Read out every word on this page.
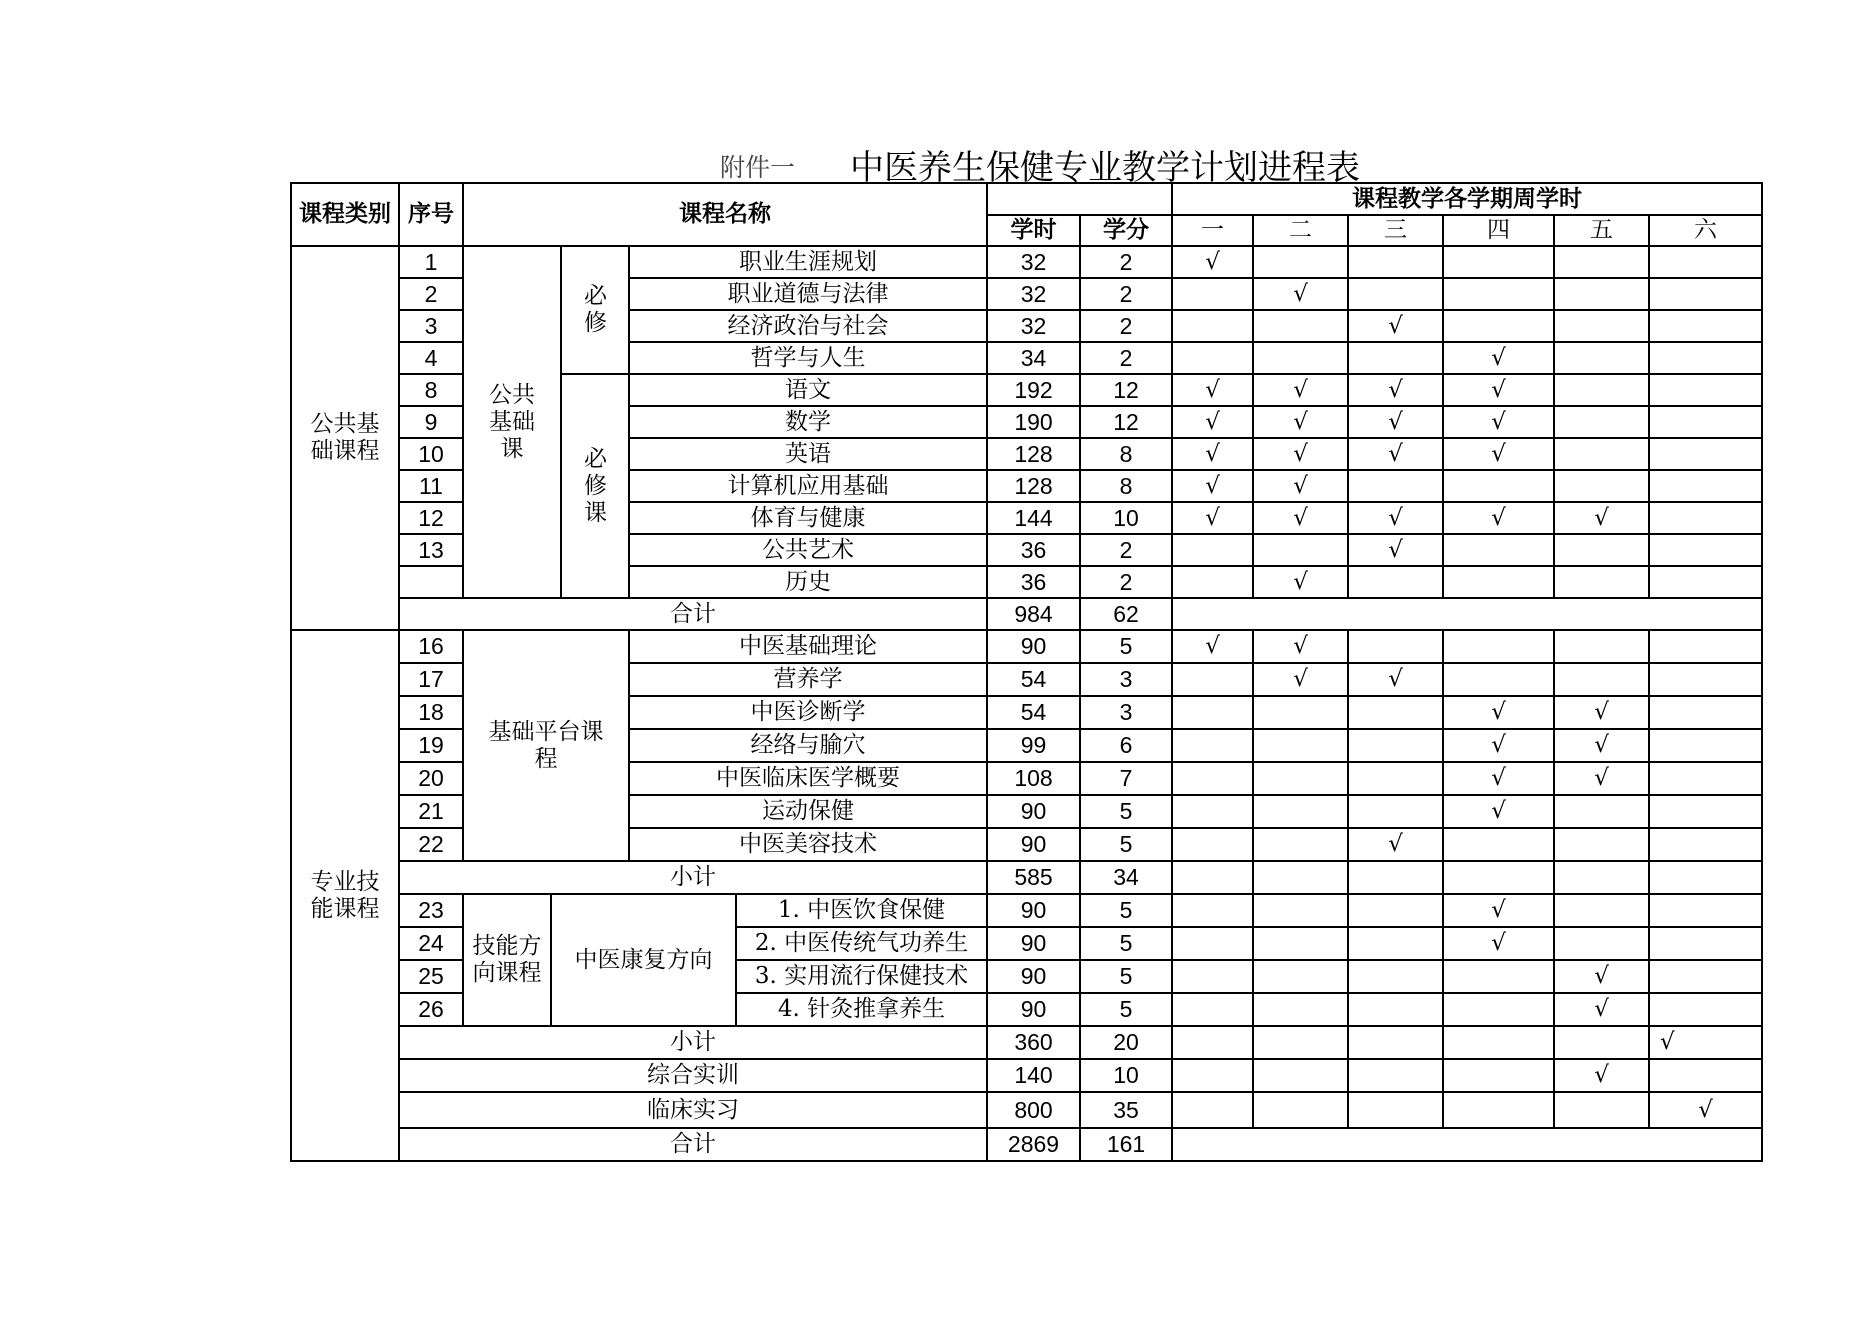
附件一 中医养生保健专业教学计划进程表
课程类别	序号	课程名称							课程教学各学期周学时					
							学时	学分	一	二	三	四	五	六
公共基础课程	1	公共基础课		必修	职业生涯规划		32	2	√					
	2				职业道德与法律		32	2		√				
	3				经济政治与社会		32	2			√			
	4				哲学与人生		34	2				√		
	8			必修课	语文		192	12	√	√	√	√		
	9				数学		190	12	√	√	√	√		
	10				英语		128	8	√	√	√	√		
	11				计算机应用基础		128	8	√	√				
	12				体育与健康		144	10	√	√	√	√	√	
	13				公共艺术		36	2			√			
					历史		36	2		√				
	合计						984	62						
专业技能课程	16	基础平台课程			中医基础理论		90	5	√	√				
	17				营养学		54	3		√	√			
	18				中医诊断学		54	3				√	√	
	19				经络与腧穴		99	6				√	√	
	20				中医临床医学概要		108	7				√	√	
	21				运动保健		90	5				√		
	22				中医美容技术		90	5			√			
	小计						585	34						
	23	技能方向课程	中医康复方向			1. 中医饮食保健	90	5				√		
	24					2. 中医传统气功养生	90	5				√		
	25					3. 实用流行保健技术	90	5					√	
	26					4. 针灸推拿养生	90	5					√	
	小计						360	20						√
	综合实训						140	10					√	
	临床实习						800	35						√
	合计						2869	161						
